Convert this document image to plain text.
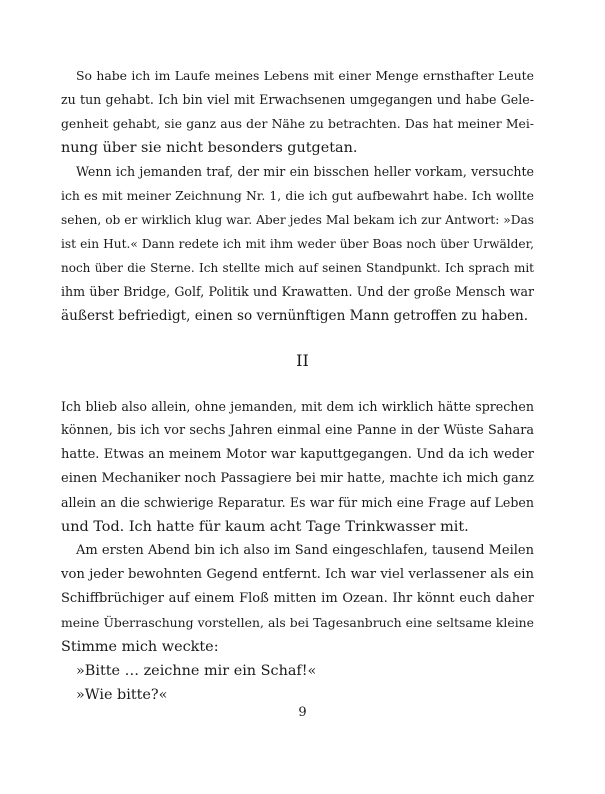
So habe ich im Laufe meines Lebens mit einer Menge ernsthafter Leute
zu tun gehabt. Ich bin viel mit Erwachsenen umgegangen und habe Gele-
genheit gehabt, sie ganz aus der Nähe zu betrachten. Das hat meiner Mei-
nung über sie nicht besonders gutgetan.
Wenn ich jemanden traf, der mir ein bisschen heller vorkam, versuchte
ich es mit meiner Zeichnung Nr. 1, die ich gut aufbewahrt habe. Ich wollte
sehen, ob er wirklich klug war. Aber jedes Mal bekam ich zur Antwort: »Das
ist ein Hut.« Dann redete ich mit ihm weder über Boas noch über Urwälder,
noch über die Sterne. Ich stellte mich auf seinen Standpunkt. Ich sprach mit
ihm über Bridge, Golf, Politik und Krawatten. Und der große Mensch war
äußerst befriedigt, einen so vernünftigen Mann getroffen zu haben.
II
Ich blieb also allein, ohne jemanden, mit dem ich wirklich hätte sprechen
können, bis ich vor sechs Jahren einmal eine Panne in der Wüste Sahara
hatte. Etwas an meinem Motor war kaputtgegangen. Und da ich weder
einen Mechaniker noch Passagiere bei mir hatte, machte ich mich ganz
allein an die schwierige Reparatur. Es war für mich eine Frage auf Leben
und Tod. Ich hatte für kaum acht Tage Trinkwasser mit.
Am ersten Abend bin ich also im Sand eingeschlafen, tausend Meilen
von jeder bewohnten Gegend entfernt. Ich war viel verlassener als ein
Schiffbrüchiger auf einem Floß mitten im Ozean. Ihr könnt euch daher
meine Überraschung vorstellen, als bei Tagesanbruch eine seltsame kleine
Stimme mich weckte:
»Bitte … zeichne mir ein Schaf!«
»Wie bitte?«
9
